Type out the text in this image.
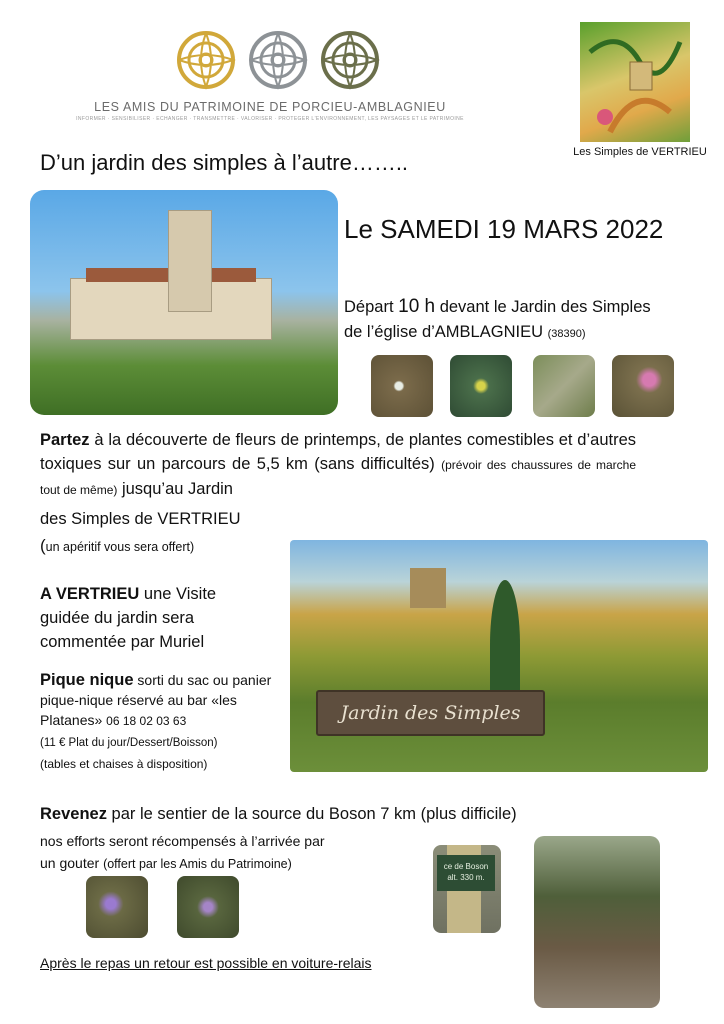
LES AMIS DU PATRIMOINE DE PORCIEU-AMBLAGNIEU
INFORMER · SENSIBILISER · ECHANGER · TRANSMETTRE · VALORISER · PROTEGER L'ENVIRONNEMENT, LES PAYSAGES ET LE PATRIMOINE
Les Simples de VERTRIEU
D’un jardin des simples à l’autre……..
Le SAMEDI 19 MARS 2022
Départ 10 h devant le Jardin des Simples
de l’église d’AMBLAGNIEU (38390)
Partez à la découverte de fleurs de printemps, de plantes comestibles et d’autres toxiques sur un parcours de 5,5 km (sans difficultés) (prévoir des chaussures de marche tout de même) jusqu’au Jardin
des Simples de VERTRIEU
(un apéritif vous sera offert)
Jardin des Simples
A VERTRIEU une Visite guidée du jardin sera commentée par Muriel
Pique nique sorti du sac ou panier pique-nique réservé au bar «les Platanes» 06 18 02 03 63
(11 € Plat du jour/Dessert/Boisson)
(tables et chaises à disposition)
Revenez par le sentier de la source du Boson 7 km (plus difficile)
nos efforts seront récompensés à l’arrivée par
un gouter (offert par les Amis du Patrimoine)	ce de Boson
alt. 330 m.
Après le repas un retour est possible en voiture-relais
